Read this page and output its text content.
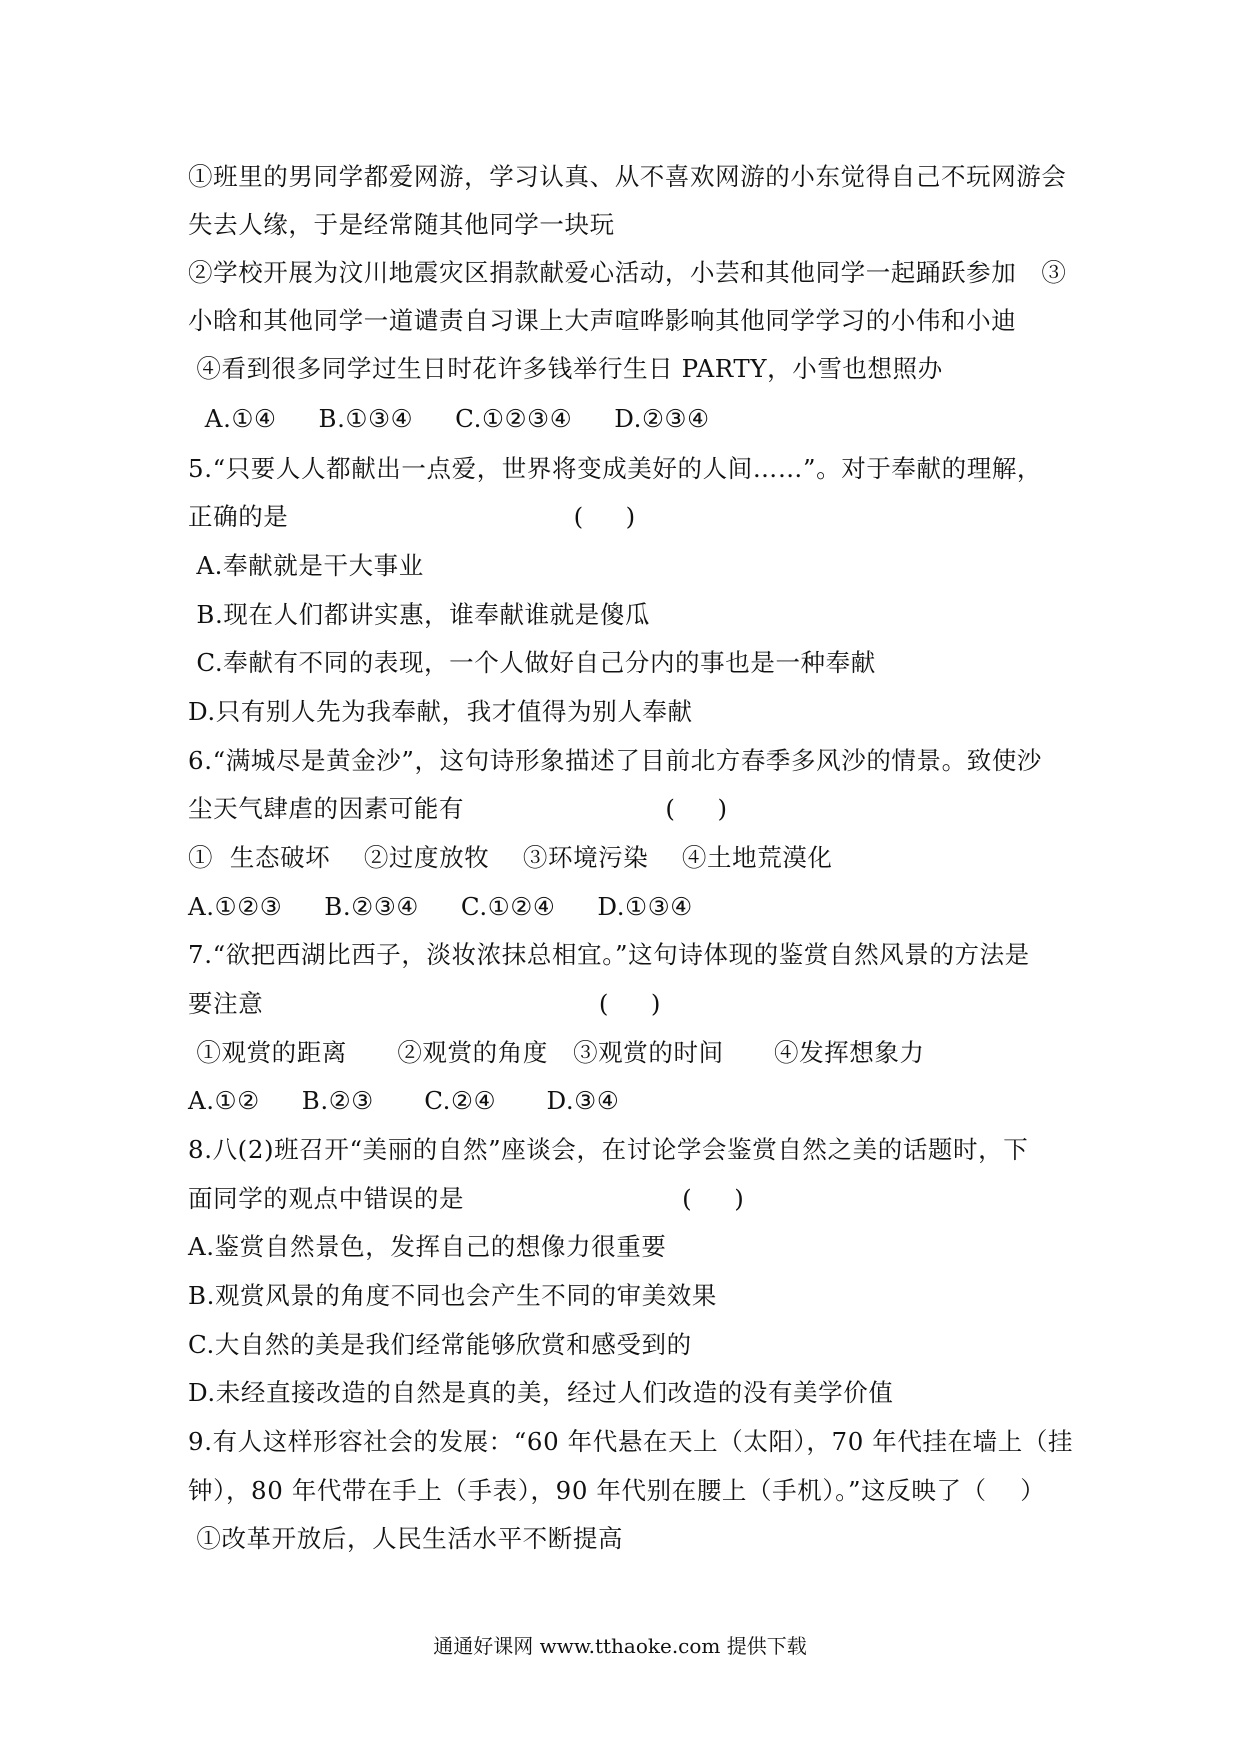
①班里的男同学都爱网游，学习认真、从不喜欢网游的小东觉得自己不玩网游会
失去人缘，于是经常随其他同学一块玩
②学校开展为汶川地震灾区捐款献爱心活动，小芸和其他同学一起踊跃参加　③
小晗和其他同学一道谴责自习课上大声喧哗影响其他同学学习的小伟和小迪
④看到很多同学过生日时花许多钱举行生日 PARTY，小雪也想照办
A.①④     B.①③④     C.①②③④     D.②③④
5.“只要人人都献出一点爱，世界将变成美好的人间……”。对于奉献的理解，
正确的是                                  (     )
A.奉献就是干大事业
B.现在人们都讲实惠，谁奉献谁就是傻瓜
C.奉献有不同的表现，一个人做好自己分内的事也是一种奉献
D.只有别人先为我奉献，我才值得为别人奉献
6.“满城尽是黄金沙”，这句诗形象描述了目前北方春季多风沙的情景。致使沙
尘天气肆虐的因素可能有                        (     )
①  生态破坏    ②过度放牧    ③环境污染    ④土地荒漠化
A.①②③     B.②③④     C.①②④     D.①③④
7.“欲把西湖比西子，淡妆浓抹总相宜。”这句诗体现的鉴赏自然风景的方法是
要注意                                        (     )
①观赏的距离      ②观赏的角度   ③观赏的时间      ④发挥想象力
A.①②     B.②③      C.②④      D.③④
8.八(2)班召开“美丽的自然”座谈会，在讨论学会鉴赏自然之美的话题时，下
面同学的观点中错误的是                          (     )
A.鉴赏自然景色，发挥自己的想像力很重要
B.观赏风景的角度不同也会产生不同的审美效果
C.大自然的美是我们经常能够欣赏和感受到的
D.未经直接改造的自然是真的美，经过人们改造的没有美学价值
9.有人这样形容社会的发展：“60 年代悬在天上（太阳），70 年代挂在墙上（挂
钟），80 年代带在手上（手表），90 年代别在腰上（手机）。”这反映了（    ）
①改革开放后，人民生活水平不断提高
通通好课网 www.tthaoke.com 提供下载
